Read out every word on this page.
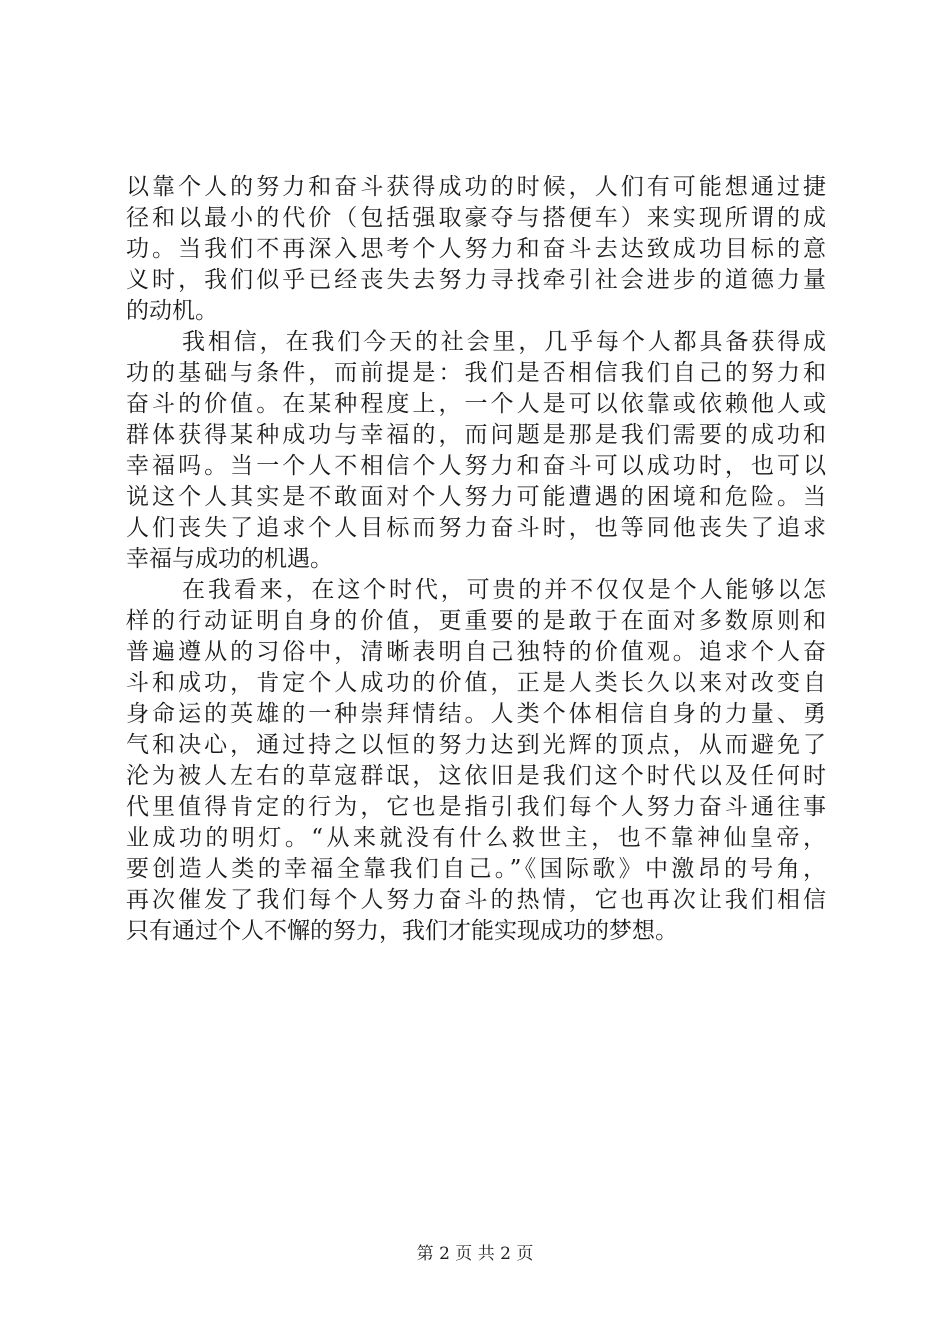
以靠个人的努力和奋斗获得成功的时候，人们有可能想通过捷
径和以最小的代价（包括强取豪夺与搭便车）来实现所谓的成
功。当我们不再深入思考个人努力和奋斗去达致成功目标的意
义时，我们似乎已经丧失去努力寻找牵引社会进步的道德力量
的动机。
我相信，在我们今天的社会里，几乎每个人都具备获得成
功的基础与条件，而前提是：我们是否相信我们自己的努力和
奋斗的价值。在某种程度上，一个人是可以依靠或依赖他人或
群体获得某种成功与幸福的，而问题是那是我们需要的成功和
幸福吗。当一个人不相信个人努力和奋斗可以成功时，也可以
说这个人其实是不敢面对个人努力可能遭遇的困境和危险。当
人们丧失了追求个人目标而努力奋斗时，也等同他丧失了追求
幸福与成功的机遇。
在我看来，在这个时代，可贵的并不仅仅是个人能够以怎
样的行动证明自身的价值，更重要的是敢于在面对多数原则和
普遍遵从的习俗中，清晰表明自己独特的价值观。追求个人奋
斗和成功，肯定个人成功的价值，正是人类长久以来对改变自
身命运的英雄的一种崇拜情结。人类个体相信自身的力量、勇
气和决心，通过持之以恒的努力达到光辉的顶点，从而避免了
沦为被人左右的草寇群氓，这依旧是我们这个时代以及任何时
代里值得肯定的行为，它也是指引我们每个人努力奋斗通往事
业成功的明灯。“从来就没有什么救世主，也不靠神仙皇帝，
要创造人类的幸福全靠我们自己。”《国际歌》中激昂的号角，
再次催发了我们每个人努力奋斗的热情，它也再次让我们相信
只有通过个人不懈的努力，我们才能实现成功的梦想。
第 2 页 共 2 页
